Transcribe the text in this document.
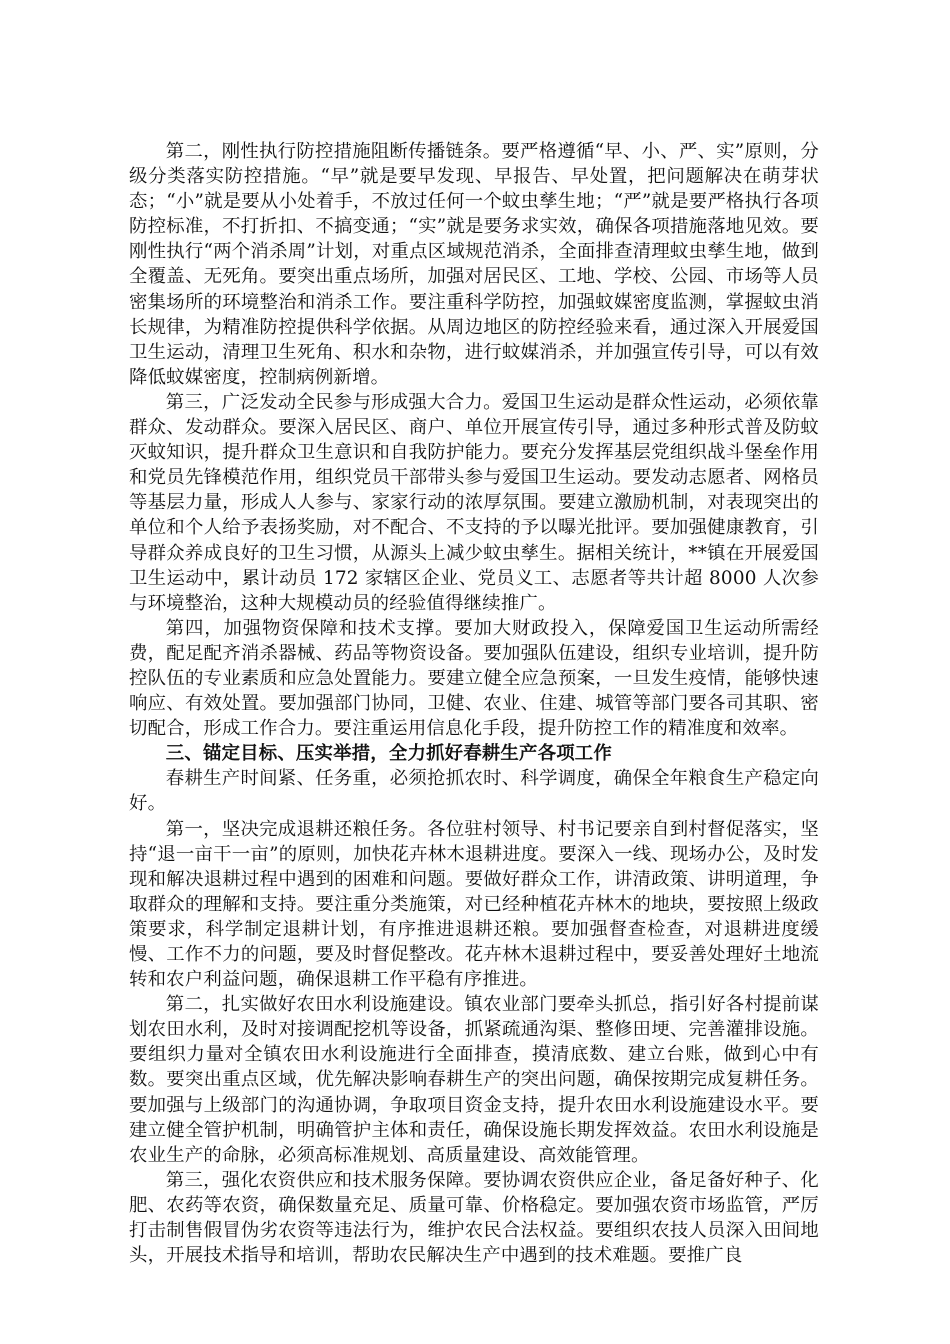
第二，刚性执行防控措施阻断传播链条。要严格遵循“早、小、严、实”原则，分级分类落实防控措施。“早”就是要早发现、早报告、早处置，把问题解决在萌芽状态；“小”就是要从小处着手，不放过任何一个蚊虫孳生地；“严”就是要严格执行各项防控标准，不打折扣、不搞变通；“实”就是要务求实效，确保各项措施落地见效。要刚性执行“两个消杀周”计划，对重点区域规范消杀，全面排查清理蚊虫孳生地，做到全覆盖、无死角。要突出重点场所，加强对居民区、工地、学校、公园、市场等人员密集场所的环境整治和消杀工作。要注重科学防控，加强蚊媒密度监测，掌握蚊虫消长规律，为精准防控提供科学依据。从周边地区的防控经验来看，通过深入开展爱国卫生运动，清理卫生死角、积水和杂物，进行蚊媒消杀，并加强宣传引导，可以有效降低蚊媒密度，控制病例新增。

第三，广泛发动全民参与形成强大合力。爱国卫生运动是群众性运动，必须依靠群众、发动群众。要深入居民区、商户、单位开展宣传引导，通过多种形式普及防蚊灭蚊知识，提升群众卫生意识和自我防护能力。要充分发挥基层党组织战斗堡垒作用和党员先锋模范作用，组织党员干部带头参与爱国卫生运动。要发动志愿者、网格员等基层力量，形成人人参与、家家行动的浓厚氛围。要建立激励机制，对表现突出的单位和个人给予表扬奖励，对不配合、不支持的予以曝光批评。要加强健康教育，引导群众养成良好的卫生习惯，从源头上减少蚊虫孳生。据相关统计，**镇在开展爱国卫生运动中，累计动员 172 家辖区企业、党员义工、志愿者等共计超 8000 人次参与环境整治，这种大规模动员的经验值得继续推广。

第四，加强物资保障和技术支撑。要加大财政投入，保障爱国卫生运动所需经费，配足配齐消杀器械、药品等物资设备。要加强队伍建设，组织专业培训，提升防控队伍的专业素质和应急处置能力。要建立健全应急预案，一旦发生疫情，能够快速响应、有效处置。要加强部门协同，卫健、农业、住建、城管等部门要各司其职、密切配合，形成工作合力。要注重运用信息化手段，提升防控工作的精准度和效率。

三、锚定目标、压实举措，全力抓好春耕生产各项工作

春耕生产时间紧、任务重，必须抢抓农时、科学调度，确保全年粮食生产稳定向好。

第一，坚决完成退耕还粮任务。各位驻村领导、村书记要亲自到村督促落实，坚持“退一亩干一亩”的原则，加快花卉林木退耕进度。要深入一线、现场办公，及时发现和解决退耕过程中遇到的困难和问题。要做好群众工作，讲清政策、讲明道理，争取群众的理解和支持。要注重分类施策，对已经种植花卉林木的地块，要按照上级政策要求，科学制定退耕计划，有序推进退耕还粮。要加强督查检查，对退耕进度缓慢、工作不力的问题，要及时督促整改。花卉林木退耕过程中，要妥善处理好土地流转和农户利益问题，确保退耕工作平稳有序推进。

第二，扎实做好农田水利设施建设。镇农业部门要牵头抓总，指引好各村提前谋划农田水利，及时对接调配挖机等设备，抓紧疏通沟渠、整修田埂、完善灌排设施。要组织力量对全镇农田水利设施进行全面排查，摸清底数、建立台账，做到心中有数。要突出重点区域，优先解决影响春耕生产的突出问题，确保按期完成复耕任务。要加强与上级部门的沟通协调，争取项目资金支持，提升农田水利设施建设水平。要建立健全管护机制，明确管护主体和责任，确保设施长期发挥效益。农田水利设施是农业生产的命脉，必须高标准规划、高质量建设、高效能管理。

第三，强化农资供应和技术服务保障。要协调农资供应企业，备足备好种子、化肥、农药等农资，确保数量充足、质量可靠、价格稳定。要加强农资市场监管，严厉打击制售假冒伪劣农资等违法行为，维护农民合法权益。要组织农技人员深入田间地头，开展技术指导和培训，帮助农民解决生产中遇到的技术难题。要推广良
